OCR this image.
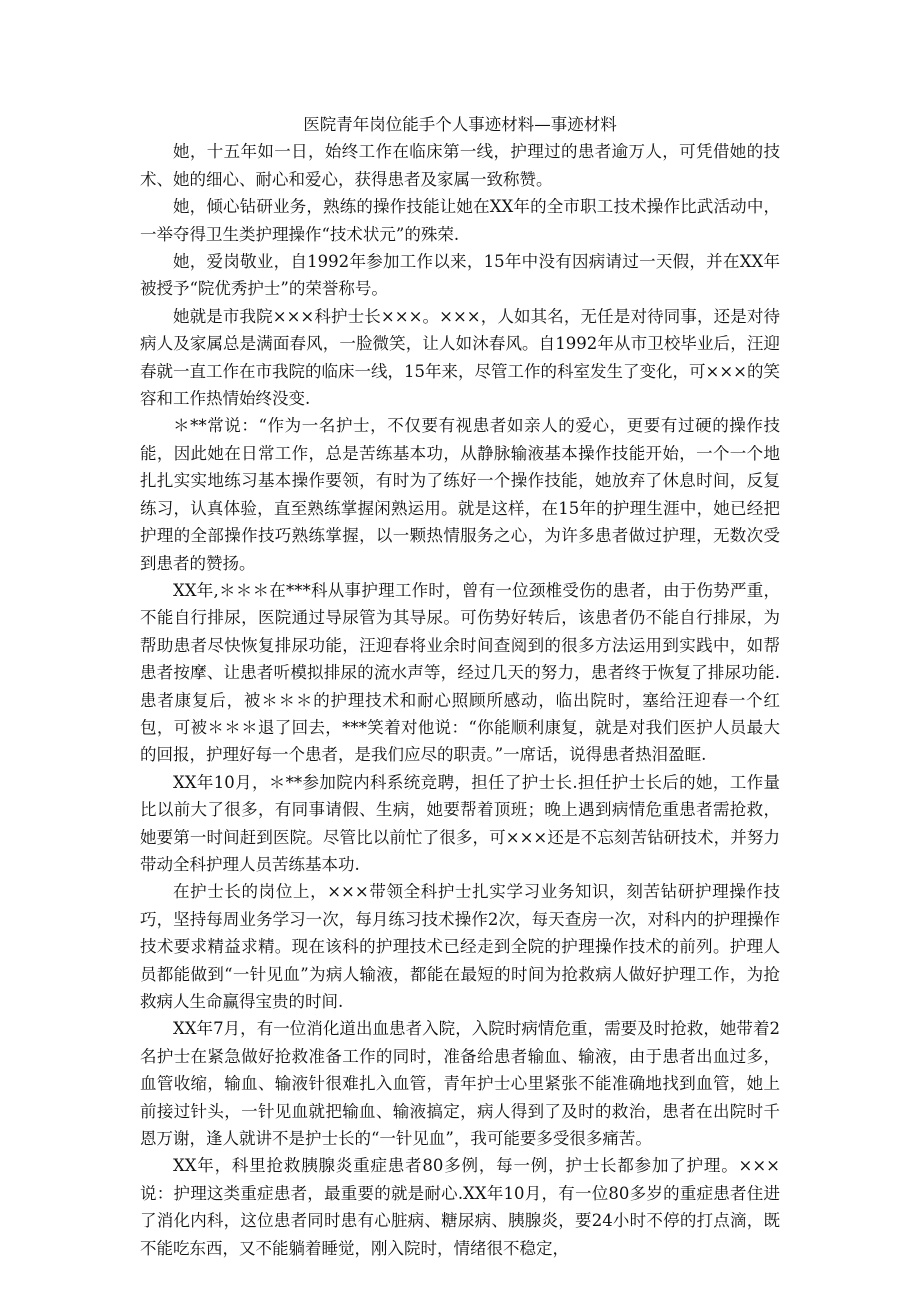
医院青年岗位能手个人事迹材料—事迹材料

她，十五年如一日，始终工作在临床第一线，护理过的患者逾万人，可凭借她的技术、她的细心、耐心和爱心，获得患者及家属一致称赞。

她，倾心钻研业务，熟练的操作技能让她在XX年的全市职工技术操作比武活动中，一举夺得卫生类护理操作“技术状元”的殊荣.

她，爱岗敬业，自1992年参加工作以来，15年中没有因病请过一天假，并在XX年被授予“院优秀护士”的荣誉称号。

她就是市我院×××科护士长×××。×××，人如其名，无任是对待同事，还是对待病人及家属总是满面春风，一脸微笑，让人如沐春风。自1992年从市卫校毕业后，汪迎春就一直工作在市我院的临床一线，15年来，尽管工作的科室发生了变化，可×××的笑容和工作热情始终没变.

＊**常说：“作为一名护士，不仅要有视患者如亲人的爱心，更要有过硬的操作技能，因此她在日常工作，总是苦练基本功，从静脉输液基本操作技能开始，一个一个地扎扎实实地练习基本操作要领，有时为了练好一个操作技能，她放弃了休息时间，反复练习，认真体验，直至熟练掌握闲熟运用。就是这样，在15年的护理生涯中，她已经把护理的全部操作技巧熟练掌握，以一颗热情服务之心，为许多患者做过护理，无数次受到患者的赞扬。

XX年,＊＊＊在***科从事护理工作时，曾有一位颈椎受伤的患者，由于伤势严重，不能自行排尿，医院通过导尿管为其导尿。可伤势好转后，该患者仍不能自行排尿，为帮助患者尽快恢复排尿功能，汪迎春将业余时间查阅到的很多方法运用到实践中，如帮患者按摩、让患者听模拟排尿的流水声等，经过几天的努力，患者终于恢复了排尿功能.患者康复后，被＊＊＊的护理技术和耐心照顾所感动，临出院时，塞给汪迎春一个红包，可被＊＊＊退了回去，***笑着对他说：“你能顺利康复，就是对我们医护人员最大的回报，护理好每一个患者，是我们应尽的职责。”一席话，说得患者热泪盈眶.

XX年10月，＊**参加院内科系统竞聘，担任了护士长.担任护士长后的她，工作量比以前大了很多，有同事请假、生病，她要帮着顶班；晚上遇到病情危重患者需抢救，她要第一时间赶到医院。尽管比以前忙了很多，可×××还是不忘刻苦钻研技术，并努力带动全科护理人员苦练基本功.

在护士长的岗位上，×××带领全科护士扎实学习业务知识，刻苦钻研护理操作技巧，坚持每周业务学习一次，每月练习技术操作2次，每天查房一次，对科内的护理操作技术要求精益求精。现在该科的护理技术已经走到全院的护理操作技术的前列。护理人员都能做到“一针见血”为病人输液，都能在最短的时间为抢救病人做好护理工作，为抢救病人生命赢得宝贵的时间.

XX年7月，有一位消化道出血患者入院，入院时病情危重，需要及时抢救，她带着2名护士在紧急做好抢救准备工作的同时，准备给患者输血、输液，由于患者出血过多，血管收缩，输血、输液针很难扎入血管，青年护士心里紧张不能准确地找到血管，她上前接过针头，一针见血就把输血、输液搞定，病人得到了及时的救治，患者在出院时千恩万谢，逢人就讲不是护士长的“一针见血”，我可能要多受很多痛苦。

XX年，科里抢救胰腺炎重症患者80多例，每一例，护士长都参加了护理。×××说：护理这类重症患者，最重要的就是耐心.XX年10月，有一位80多岁的重症患者住进了消化内科，这位患者同时患有心脏病、糖尿病、胰腺炎，要24小时不停的打点滴，既不能吃东西，又不能躺着睡觉，刚入院时，情绪很不稳定，
